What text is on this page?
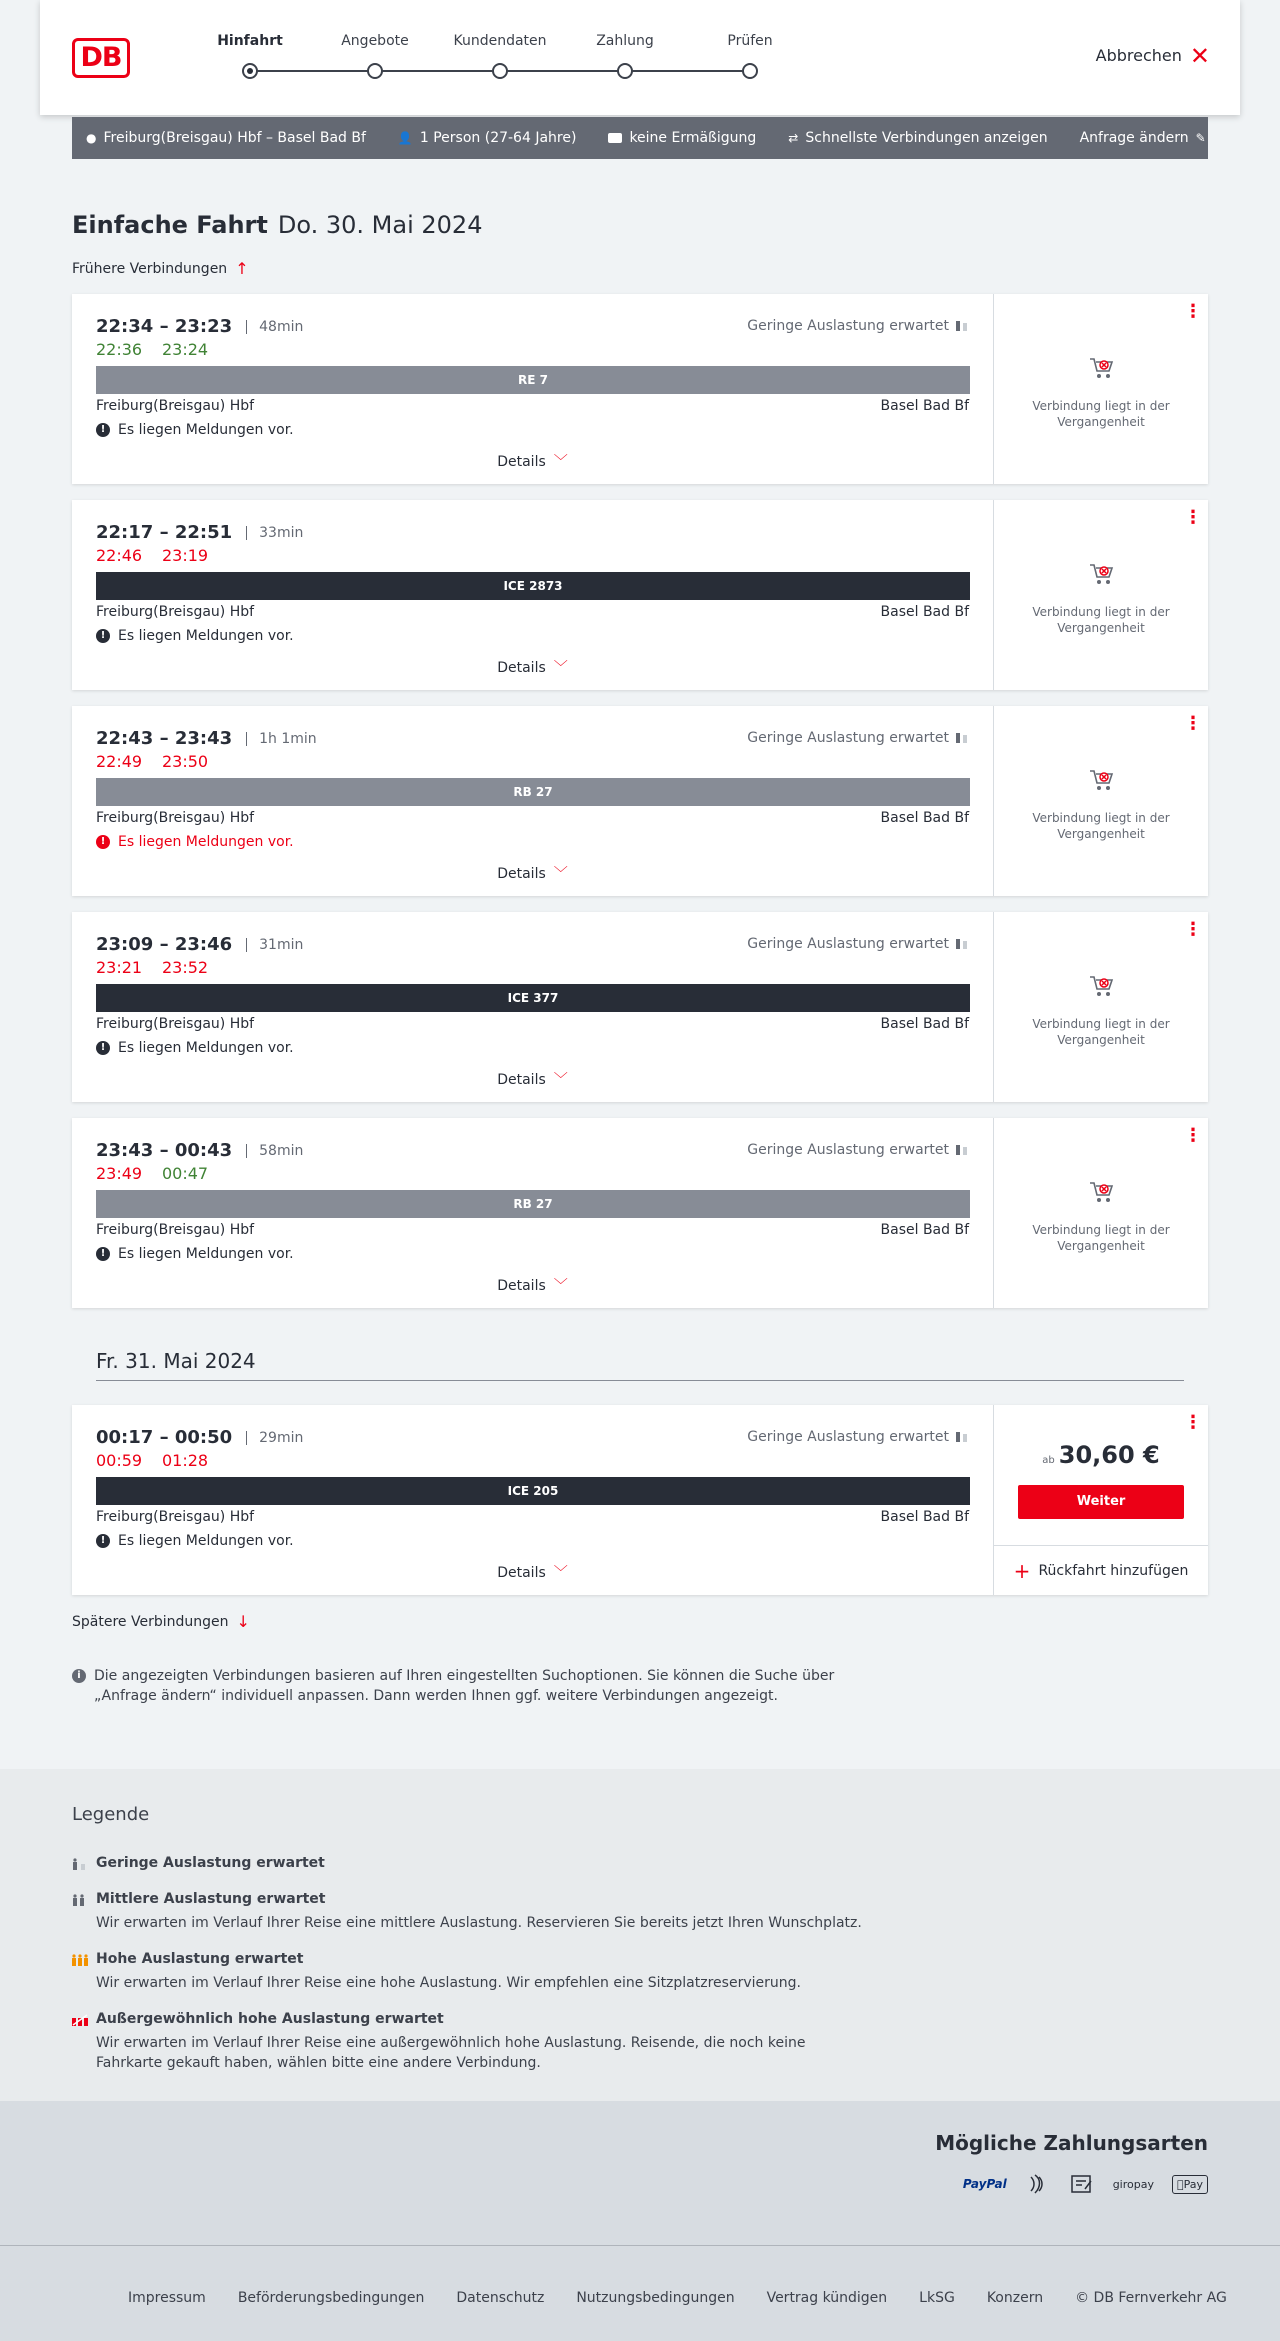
DB
Hinfahrt	Angebote	Kundendaten	Zahlung	Prüfen
Abbrechen ✕
● Freiburg(Breisgau) Hbf – Basel Bad Bf	👤 1 Person (27-64 Jahre)	keine Ermäßigung	⇄ Schnellste Verbindungen anzeigen Anfrage ändern ✎
Einfache Fahrt Do. 30. Mai 2024
Frühere Verbindungen ↑
22:34 – 23:23 48min
22:36 23:24
Geringe Auslastung erwartet
RE 7
Freiburg(Breisgau) Hbf	Basel Bad Bf
! Es liegen Meldungen vor.
Details ﹀
⋮
Verbindung liegt in der Vergangenheit
22:17 – 22:51 33min
22:46 23:19
ICE 2873
Freiburg(Breisgau) Hbf	Basel Bad Bf
! Es liegen Meldungen vor.
Details ﹀
⋮
Verbindung liegt in der Vergangenheit
22:43 – 23:43 1h 1min
22:49 23:50
Geringe Auslastung erwartet
RB 27
Freiburg(Breisgau) Hbf	Basel Bad Bf
! Es liegen Meldungen vor.
Details ﹀
⋮
Verbindung liegt in der Vergangenheit
23:09 – 23:46 31min
23:21 23:52
Geringe Auslastung erwartet
ICE 377
Freiburg(Breisgau) Hbf	Basel Bad Bf
! Es liegen Meldungen vor.
Details ﹀
⋮
Verbindung liegt in der Vergangenheit
23:43 – 00:43 58min
23:49 00:47
Geringe Auslastung erwartet
RB 27
Freiburg(Breisgau) Hbf	Basel Bad Bf
! Es liegen Meldungen vor.
Details ﹀
⋮
Verbindung liegt in der Vergangenheit
Fr. 31. Mai 2024
00:17 – 00:50 29min
00:59 01:28
Geringe Auslastung erwartet
ICE 205
Freiburg(Breisgau) Hbf	Basel Bad Bf
! Es liegen Meldungen vor.
Details ﹀
⋮
ab 30,60 €
Weiter
+ Rückfahrt hinzufügen
Spätere Verbindungen ↓
i Die angezeigten Verbindungen basieren auf Ihren eingestellten Suchoptionen. Sie können die Suche über „Anfrage ändern“ individuell anpassen. Dann werden Ihnen ggf. weitere Verbindungen angezeigt.
Legende
Geringe Auslastung erwartet
Mittlere Auslastung erwartet
Wir erwarten im Verlauf Ihrer Reise eine mittlere Auslastung. Reservieren Sie bereits jetzt Ihren Wunschplatz.
Hohe Auslastung erwartet
Wir erwarten im Verlauf Ihrer Reise eine hohe Auslastung. Wir empfehlen eine Sitzplatzreservierung.
Außergewöhnlich hohe Auslastung erwartet
Wir erwarten im Verlauf Ihrer Reise eine außergewöhnlich hohe Auslastung. Reisende, die noch keine Fahrkarte gekauft haben, wählen bitte eine andere Verbindung.
Mögliche Zahlungsarten
PayPal	giropay	Pay
Impressum Beförderungsbedingungen Datenschutz Nutzungsbedingungen Vertrag kündigen LkSG Konzern © DB Fernverkehr AG
